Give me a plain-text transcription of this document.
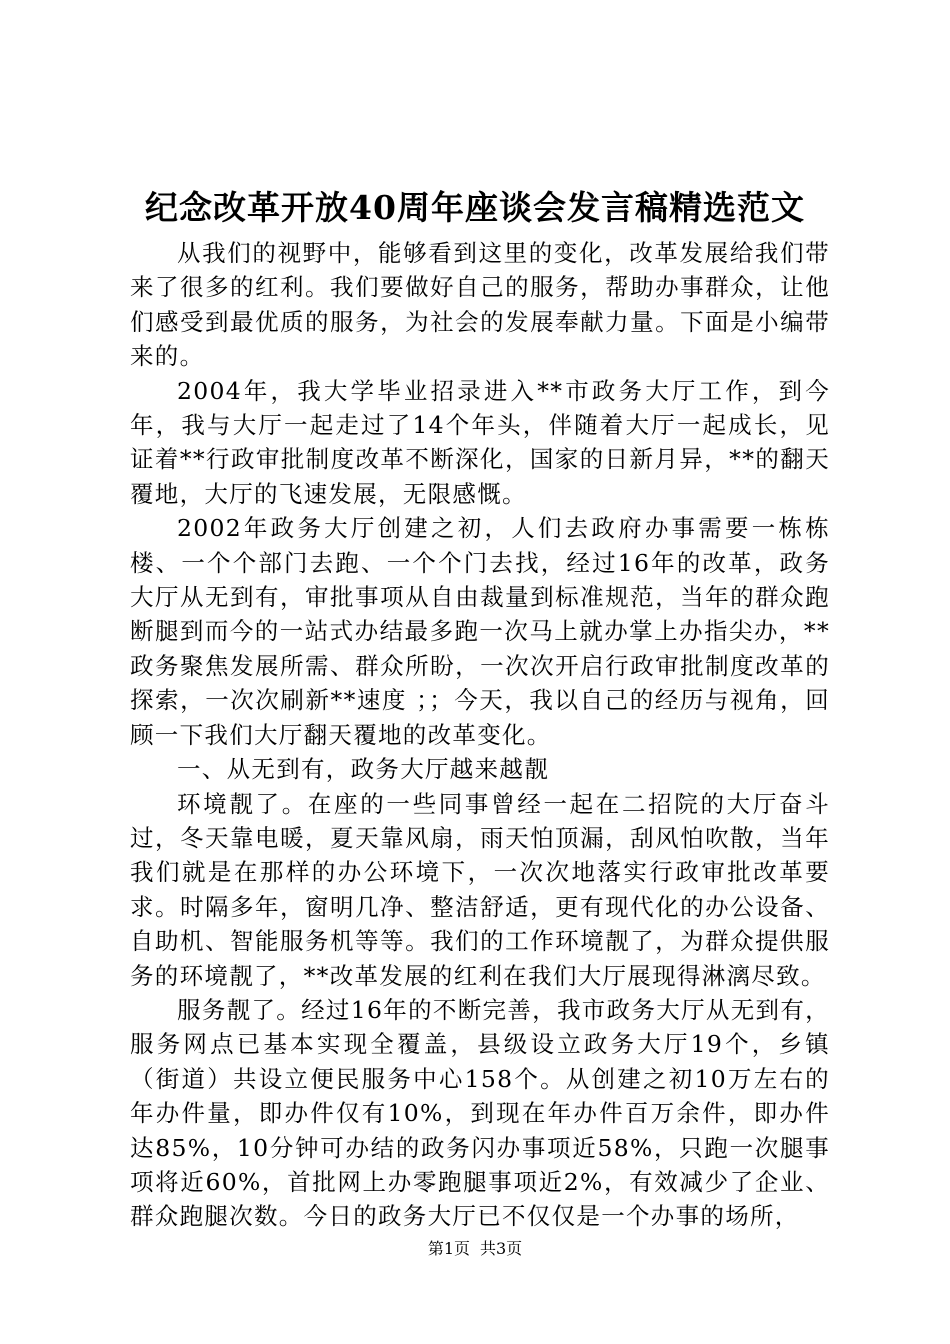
纪念改革开放40周年座谈会发言稿精选范文

从我们的视野中，能够看到这里的变化，改革发展给我们带来了很多的红利。我们要做好自己的服务，帮助办事群众，让他们感受到最优质的服务，为社会的发展奉献力量。下面是小编带来的。

2004年，我大学毕业招录进入**市政务大厅工作，到今年，我与大厅一起走过了14个年头，伴随着大厅一起成长，见证着**行政审批制度改革不断深化，国家的日新月异，**的翻天覆地，大厅的飞速发展，无限感慨。

2002年政务大厅创建之初，人们去政府办事需要一栋栋楼、一个个部门去跑、一个个门去找，经过16年的改革，政务大厅从无到有，审批事项从自由裁量到标准规范，当年的群众跑断腿到而今的一站式办结最多跑一次马上就办掌上办指尖办，**政务聚焦发展所需、群众所盼，一次次开启行政审批制度改革的探索，一次次刷新**速度 ；；今天，我以自己的经历与视角，回顾一下我们大厅翻天覆地的改革变化。

一、从无到有，政务大厅越来越靓

环境靓了。在座的一些同事曾经一起在二招院的大厅奋斗过，冬天靠电暖，夏天靠风扇，雨天怕顶漏，刮风怕吹散，当年我们就是在那样的办公环境下，一次次地落实行政审批改革要求。时隔多年，窗明几净、整洁舒适，更有现代化的办公设备、自助机、智能服务机等等。我们的工作环境靓了，为群众提供服务的环境靓了，**改革发展的红利在我们大厅展现得淋漓尽致。

服务靓了。经过16年的不断完善，我市政务大厅从无到有，服务网点已基本实现全覆盖，县级设立政务大厅19个，乡镇（街道）共设立便民服务中心158个。从创建之初10万左右的年办件量，即办件仅有10%，到现在年办件百万余件，即办件达85%，10分钟可办结的政务闪办事项近58%，只跑一次腿事项将近60%，首批网上办零跑腿事项近2%，有效减少了企业、群众跑腿次数。今日的政务大厅已不仅仅是一个办事的场所，

第1页 共3页
